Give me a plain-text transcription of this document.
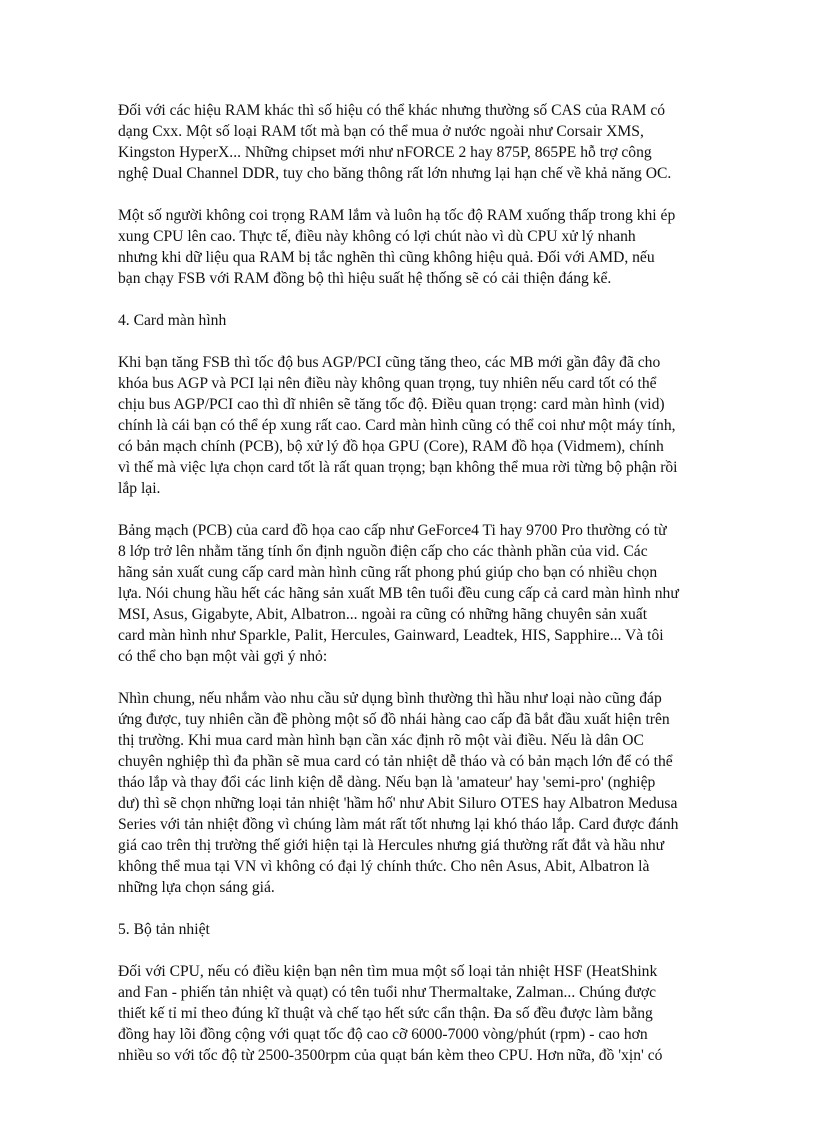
Đối với các hiệu RAM khác thì số hiệu có thể khác nhưng thường số CAS của RAM có
dạng Cxx. Một số loại RAM tốt mà bạn có thể mua ở nước ngoài như Corsair XMS,
Kingston HyperX... Những chipset mới như nFORCE 2 hay 875P, 865PE hỗ trợ công
nghệ Dual Channel DDR, tuy cho băng thông rất lớn nhưng lại hạn chế về khả năng OC.

Một số người không coi trọng RAM lắm và luôn hạ tốc độ RAM xuống thấp trong khi ép
xung CPU lên cao. Thực tế, điều này không có lợi chút nào vì dù CPU xử lý nhanh
nhưng khi dữ liệu qua RAM bị tắc nghẽn thì cũng không hiệu quả. Đối với AMD, nếu
bạn chạy FSB với RAM đồng bộ thì hiệu suất hệ thống sẽ có cải thiện đáng kể.

4. Card màn hình

Khi bạn tăng FSB thì tốc độ bus AGP/PCI cũng tăng theo, các MB mới gần đây đã cho
khóa bus AGP và PCI lại nên điều này không quan trọng, tuy nhiên nếu card tốt có thể
chịu bus AGP/PCI cao thì dĩ nhiên sẽ tăng tốc độ. Điều quan trọng: card màn hình (vid)
chính là cái bạn có thể ép xung rất cao. Card màn hình cũng có thể coi như một máy tính,
có bản mạch chính (PCB), bộ xử lý đồ họa GPU (Core), RAM đồ họa (Vidmem), chính
vì thế mà việc lựa chọn card tốt là rất quan trọng; bạn không thể mua rời từng bộ phận rồi
lắp lại.

Bảng mạch (PCB) của card đồ họa cao cấp như GeForce4 Ti hay 9700 Pro thường có từ
8 lớp trở lên nhằm tăng tính ổn định nguồn điện cấp cho các thành phần của vid. Các
hãng sản xuất cung cấp card màn hình cũng rất phong phú giúp cho bạn có nhiều chọn
lựa. Nói chung hầu hết các hãng sản xuất MB tên tuổi đều cung cấp cả card màn hình như
MSI, Asus, Gigabyte, Abit, Albatron... ngoài ra cũng có những hãng chuyên sản xuất
card màn hình như Sparkle, Palit, Hercules, Gainward, Leadtek, HIS, Sapphire... Và tôi
có thể cho bạn một vài gợi ý nhỏ:

Nhìn chung, nếu nhắm vào nhu cầu sử dụng bình thường thì hầu như loại nào cũng đáp
ứng được, tuy nhiên cần đề phòng một số đồ nhái hàng cao cấp đã bắt đầu xuất hiện trên
thị trường. Khi mua card màn hình bạn cần xác định rõ một vài điều. Nếu là dân OC
chuyên nghiệp thì đa phần sẽ mua card có tản nhiệt dễ tháo và có bản mạch lớn để có thể
tháo lắp và thay đổi các linh kiện dễ dàng. Nếu bạn là 'amateur' hay 'semi-pro' (nghiệp
dư) thì sẽ chọn những loại tản nhiệt 'hầm hố' như Abit Siluro OTES hay Albatron Medusa
Series với tản nhiệt đồng vì chúng làm mát rất tốt nhưng lại khó tháo lắp. Card được đánh
giá cao trên thị trường thế giới hiện tại là Hercules nhưng giá thường rất đắt và hầu như
không thể mua tại VN vì không có đại lý chính thức. Cho nên Asus, Abit, Albatron là
những lựa chọn sáng giá.

5. Bộ tản nhiệt

Đối với CPU, nếu có điều kiện bạn nên tìm mua một số loại tản nhiệt HSF (HeatShink
and Fan - phiến tản nhiệt và quạt) có tên tuổi như Thermaltake, Zalman... Chúng được
thiết kế tỉ mỉ theo đúng kĩ thuật và chế tạo hết sức cẩn thận. Đa số đều được làm bằng
đồng hay lõi đồng cộng với quạt tốc độ cao cỡ 6000-7000 vòng/phút (rpm) - cao hơn
nhiều so với tốc độ từ 2500-3500rpm của quạt bán kèm theo CPU. Hơn nữa, đồ 'xịn' có
